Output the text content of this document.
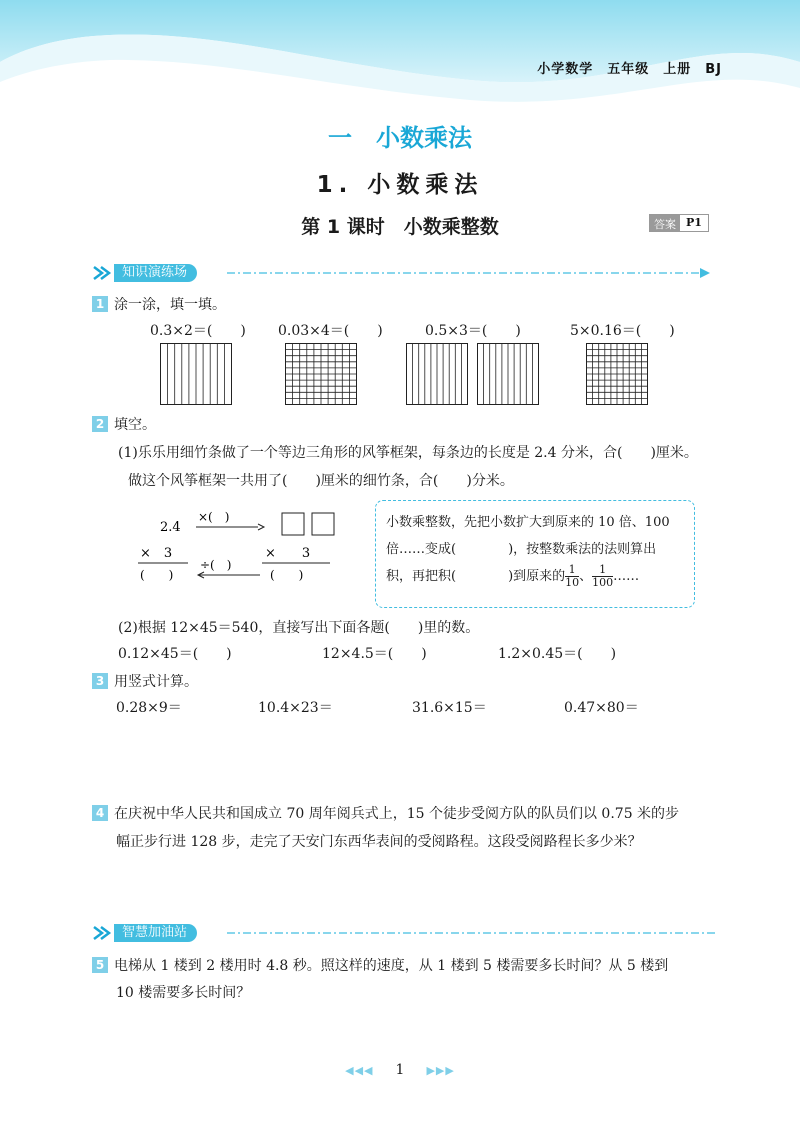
小学数学 五年级 上册 BJ
一　小数乘法
1. 小数乘法
第 1 课时　小数乘整数	答案 P1
知识演练场
1 涂一涂，填一填。
0.3×2＝(　　) 0.03×4＝(　　)	0.5×3＝(　　)	5×0.16＝(　　)
2 填空。
(1)乐乐用细竹条做了一个等边三角形的风筝框架，每条边的长度是 2.4 分米，合(　　)厘米。
做这个风筝框架一共用了(　　)厘米的细竹条，合(　　)分米。
2.4
×(　)
×　3	×　　3
(　　)
÷(　)
(　　)
小数乘整数，先把小数扩大到原来的 10 倍、100
倍……变成(　　　　)，按整数乘法的法则算出
积，再把积(　　　　)到原来的 $\frac{1}{10}$ 、 $\frac{1}{100}$ ……
(2)根据 12×45＝540，直接写出下面各题(　　)里的数。
0.12×45＝(　　)	12×4.5＝(　　)	1.2×0.45＝(　　)
3 用竖式计算。
0.28×9＝	10.4×23＝	31.6×15＝	0.47×80＝
4 在庆祝中华人民共和国成立 70 周年阅兵式上，15 个徒步受阅方队的队员们以 0.75 米的步
幅正步行进 128 步，走完了天安门东西华表间的受阅路程。这段受阅路程长多少米？
智慧加油站
5 电梯从 1 楼到 2 楼用时 4.8 秒。照这样的速度，从 1 楼到 5 楼需要多长时间？从 5 楼到
10 楼需要多长时间？
◀◀◀ 1 ▶▶▶
